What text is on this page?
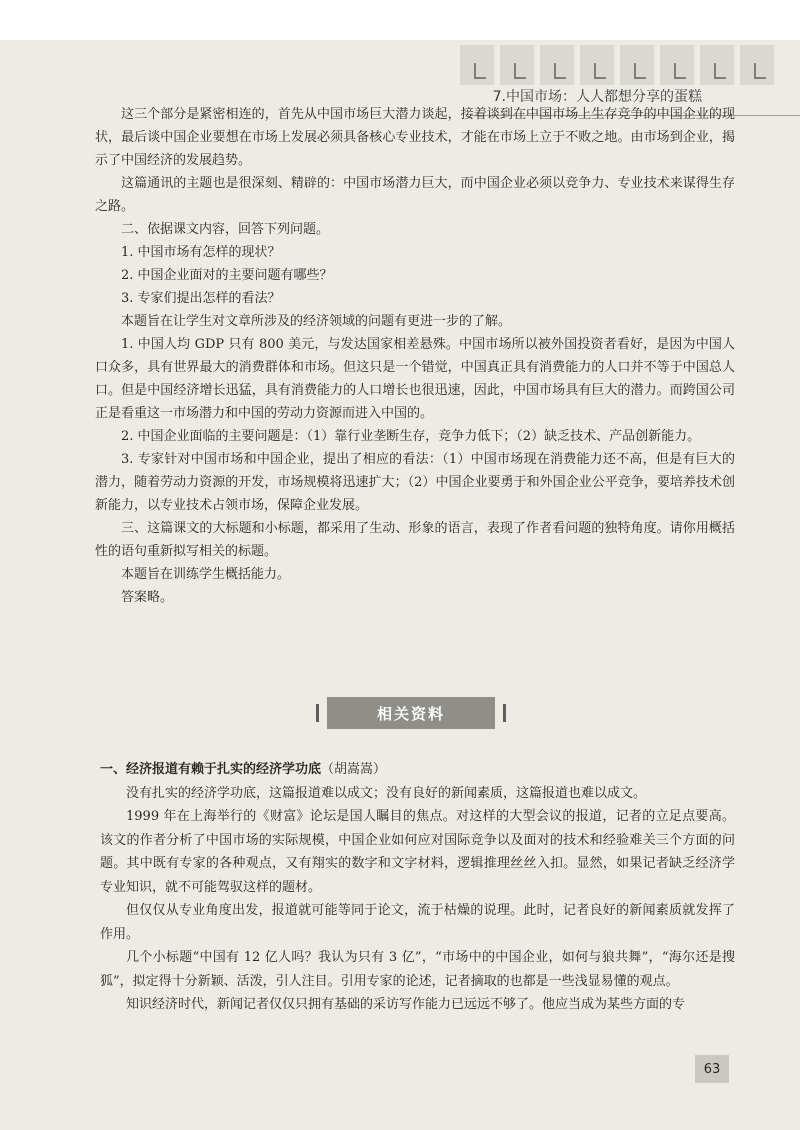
7.中国市场：人人都想分享的蛋糕

这三个部分是紧密相连的，首先从中国市场巨大潜力谈起，接着谈到在中国市场上生存竞争的中国企业的现状，最后谈中国企业要想在市场上发展必须具备核心专业技术，才能在市场上立于不败之地。由市场到企业，揭示了中国经济的发展趋势。

这篇通讯的主题也是很深刻、精辟的：中国市场潜力巨大，而中国企业必须以竞争力、专业技术来谋得生存之路。

二、依据课文内容，回答下列问题。

1. 中国市场有怎样的现状？

2. 中国企业面对的主要问题有哪些？

3. 专家们提出怎样的看法？

本题旨在让学生对文章所涉及的经济领域的问题有更进一步的了解。

1. 中国人均 GDP 只有 800 美元，与发达国家相差悬殊。中国市场所以被外国投资者看好，是因为中国人口众多，具有世界最大的消费群体和市场。但这只是一个错觉，中国真正具有消费能力的人口并不等于中国总人口。但是中国经济增长迅猛，具有消费能力的人口增长也很迅速，因此，中国市场具有巨大的潜力。而跨国公司正是看重这一市场潜力和中国的劳动力资源而进入中国的。

2. 中国企业面临的主要问题是：（1）靠行业垄断生存，竞争力低下；（2）缺乏技术、产品创新能力。

3. 专家针对中国市场和中国企业，提出了相应的看法：（1）中国市场现在消费能力还不高，但是有巨大的潜力，随着劳动力资源的开发，市场规模将迅速扩大；（2）中国企业要勇于和外国企业公平竞争，要培养技术创新能力，以专业技术占领市场，保障企业发展。

三、这篇课文的大标题和小标题，都采用了生动、形象的语言，表现了作者看问题的独特角度。请你用概括性的语句重新拟写相关的标题。

本题旨在训练学生概括能力。

答案略。

相关资料

一、经济报道有赖于扎实的经济学功底（胡嵩嵩）

没有扎实的经济学功底，这篇报道难以成文；没有良好的新闻素质，这篇报道也难以成文。

1999 年在上海举行的《财富》论坛是国人瞩目的焦点。对这样的大型会议的报道，记者的立足点要高。该文的作者分析了中国市场的实际规模，中国企业如何应对国际竞争以及面对的技术和经验难关三个方面的问题。其中既有专家的各种观点，又有翔实的数字和文字材料，逻辑推理丝丝入扣。显然，如果记者缺乏经济学专业知识，就不可能驾驭这样的题材。

但仅仅从专业角度出发，报道就可能等同于论文，流于枯燥的说理。此时，记者良好的新闻素质就发挥了作用。

几个小标题“中国有 12 亿人吗？我认为只有 3 亿”，“市场中的中国企业，如何与狼共舞”，“海尔还是搜狐”，拟定得十分新颖、活泼，引人注目。引用专家的论述，记者摘取的也都是一些浅显易懂的观点。

知识经济时代，新闻记者仅仅只拥有基础的采访写作能力已远远不够了。他应当成为某些方面的专

63
